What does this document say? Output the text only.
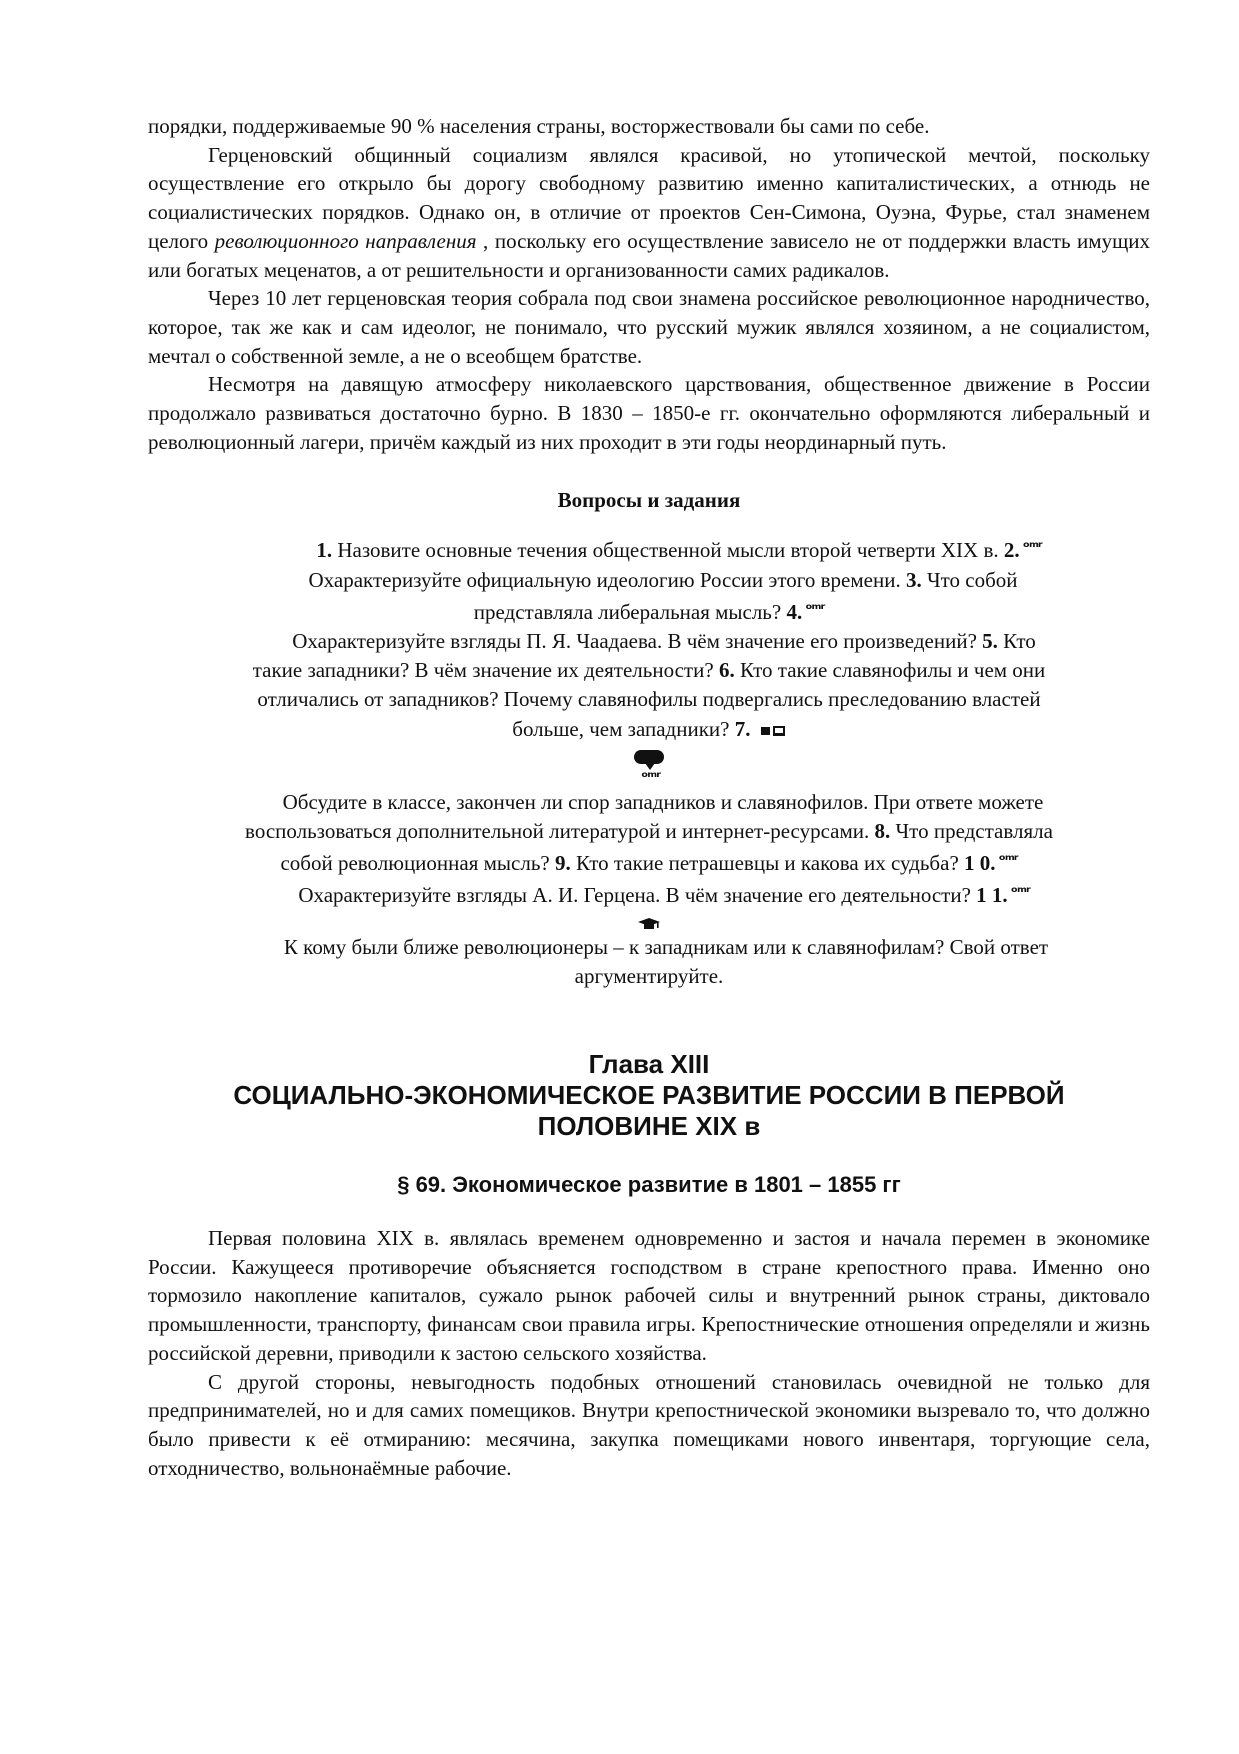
порядки, поддерживаемые 90 % населения страны, восторжествовали бы сами по себе.

Герценовский общинный социализм являлся красивой, но утопической мечтой, поскольку осуществление его открыло бы дорогу свободному развитию именно капиталистических, а отнюдь не социалистических порядков. Однако он, в отличие от проектов Сен-Симона, Оуэна, Фурье, стал знаменем целого революционного направления , поскольку его осуществление зависело не от поддержки власть имущих или богатых меценатов, а от решительности и организованности самих радикалов.

Через 10 лет герценовская теория собрала под свои знамена российское революционное народничество, которое, так же как и сам идеолог, не понимало, что русский мужик являлся хозяином, а не социалистом, мечтал о собственной земле, а не о всеобщем братстве.

Несмотря на давящую атмосферу николаевского царствования, общественное движение в России продолжало развиваться достаточно бурно. В 1830 – 1850-е гг. окончательно оформляются либеральный и революционный лагери, причём каждый из них проходит в эти годы неординарный путь.

Вопросы и задания
1. Назовите основные течения общественной мысли второй четверти XIX в. 2. ᵒᵐʳ
Охарактеризуйте официальную идеологию России этого времени. 3. Что собой
представляла либеральная мысль? 4. ᵒᵐʳ
Охарактеризуйте взгляды П. Я. Чаадаева. В чём значение его произведений? 5. Кто
такие западники? В чём значение их деятельности? 6. Кто такие славянофилы и чем они
отличались от западников? Почему славянофилы подвергались преследованию властей
больше, чем западники? 7.
ᵒᵐʳ
Обсудите в классе, закончен ли спор западников и славянофилов. При ответе можете
воспользоваться дополнительной литературой и интернет-ресурсами. 8. Что представляла
собой революционная мысль? 9. Кто такие петрашевцы и какова их судьба? 1 0. ᵒᵐʳ
Охарактеризуйте взгляды А. И. Герцена. В чём значение его деятельности? 1 1. ᵒᵐʳ
К кому были ближе революционеры – к западникам или к славянофилам? Свой ответ
аргументируйте.
Глава XIII
СОЦИАЛЬНО-ЭКОНОМИЧЕСКОЕ РАЗВИТИЕ РОССИИ В ПЕРВОЙ
ПОЛОВИНЕ XIX в
§ 69. Экономическое развитие в 1801 – 1855 гг

Первая половина XIX в. являлась временем одновременно и застоя и начала перемен в экономике России. Кажущееся противоречие объясняется господством в стране крепостного права. Именно оно тормозило накопление капиталов, сужало рынок рабочей силы и внутренний рынок страны, диктовало промышленности, транспорту, финансам свои правила игры. Крепостнические отношения определяли и жизнь российской деревни, приводили к застою сельского хозяйства.

С другой стороны, невыгодность подобных отношений становилась очевидной не только для предпринимателей, но и для самих помещиков. Внутри крепостнической экономики вызревало то, что должно было привести к её отмиранию: месячина, закупка помещиками нового инвентаря, торгующие села, отходничество, вольнонаёмные рабочие.
